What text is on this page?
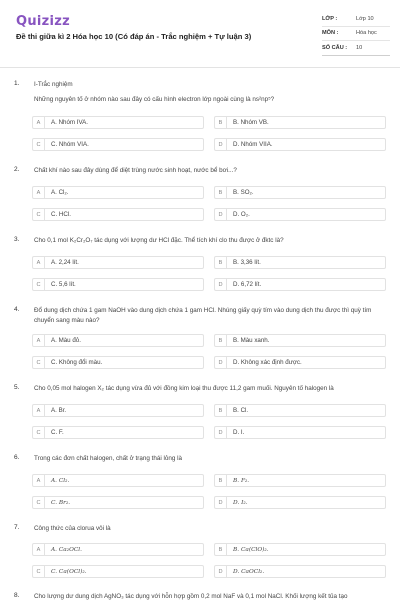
Quizizz
Đề thi giữa kì 2 Hóa học 10 (Có đáp án - Trắc nghiệm + Tự luận 3)
LỚP :	Lớp 10
MÔN :	Hóa học
SỐ CÂU :	10
1. I-Trắc nghiệm
Những nguyên tố ở nhóm nào sau đây có cấu hình electron lớp ngoài cùng là ns²np⁵?
A	A. Nhóm IVA.	B	B. Nhóm VB.
C	C. Nhóm VIA.	D	D. Nhóm VIIA.
2. Chất khí nào sau đây dùng để diệt trùng nước sinh hoạt, nước bể bơi...?
A	A. Cl₂.	B	B. SO₂.
C	C. HCl.	D	D. O₂.
3. Cho 0,1 mol K₂Cr₂O₇ tác dụng với lượng dư HCl đặc. Thể tích khí clo thu được ở đktc là?
A	A. 2,24 lít.	B	B. 3,36 lít.
C	C. 5,6 lít.	D	D. 6,72 lít.
4. Đổ dung dịch chứa 1 gam NaOH vào dung dịch chứa 1 gam HCl. Nhúng giấy quỳ tím vào dung dịch thu được thì quỳ tím chuyển sang màu nào?
A	A. Màu đỏ.	B	B. Màu xanh.
C	C. Không đổi màu.	D	D. Không xác định được.
5. Cho 0,05 mol halogen X₂ tác dụng vừa đủ với đồng kim loại thu được 11,2 gam muối. Nguyên tố halogen là
A	A. Br.	B	B. Cl.
C	C. F.	D	D. I.
6. Trong các đơn chất halogen, chất ở trạng thái lỏng là
A	A. Cl₂.	B	B. F₂.
C	C. Br₂.	D	D. I₂.
7. Công thức của clorua vôi là
A	A. Ca₂OCl.	B	B. Ca(ClO)₂.
C	C. Ca(OCl)₂.	D	D. CaOCl₂.
8. Cho lượng dư dung dịch AgNO₃ tác dụng với hỗn hợp gồm 0,2 mol NaF và 0,1 mol NaCl. Khối lượng kết tủa tạo
